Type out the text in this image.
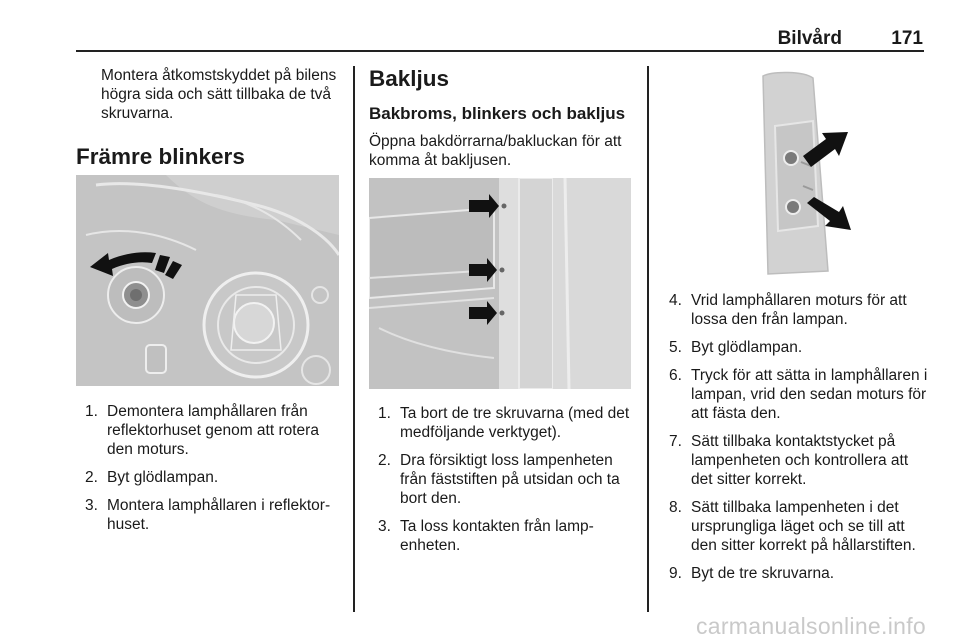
Bilvård	171
Montera åtkomstskyddet på bilens högra sida och sätt tillbaka de två skruvarna.
Främre blinkers
1. Demontera lamphållaren från reflektorhuset genom att rotera den moturs.
2. Byt glödlampan.
3. Montera lamphållaren i reflektor-huset.
Bakljus
Bakbroms, blinkers och bakljus
Öppna bakdörrarna/bakluckan för att komma åt bakljusen.
1. Ta bort de tre skruvarna (med det medföljande verktyget).
2. Dra försiktigt loss lampenheten från fäststiften på utsidan och ta bort den.
3. Ta loss kontakten från lamp-enheten.
4. Vrid lamphållaren moturs för att lossa den från lampan.
5. Byt glödlampan.
6. Tryck för att sätta in lamphållaren i lampan, vrid den sedan moturs för att fästa den.
7. Sätt tillbaka kontaktstycket på lampenheten och kontrollera att det sitter korrekt.
8. Sätt tillbaka lampenheten i det ursprungliga läget och se till att den sitter korrekt på hållarstiften.
9. Byt de tre skruvarna.
carmanualsonline.info
